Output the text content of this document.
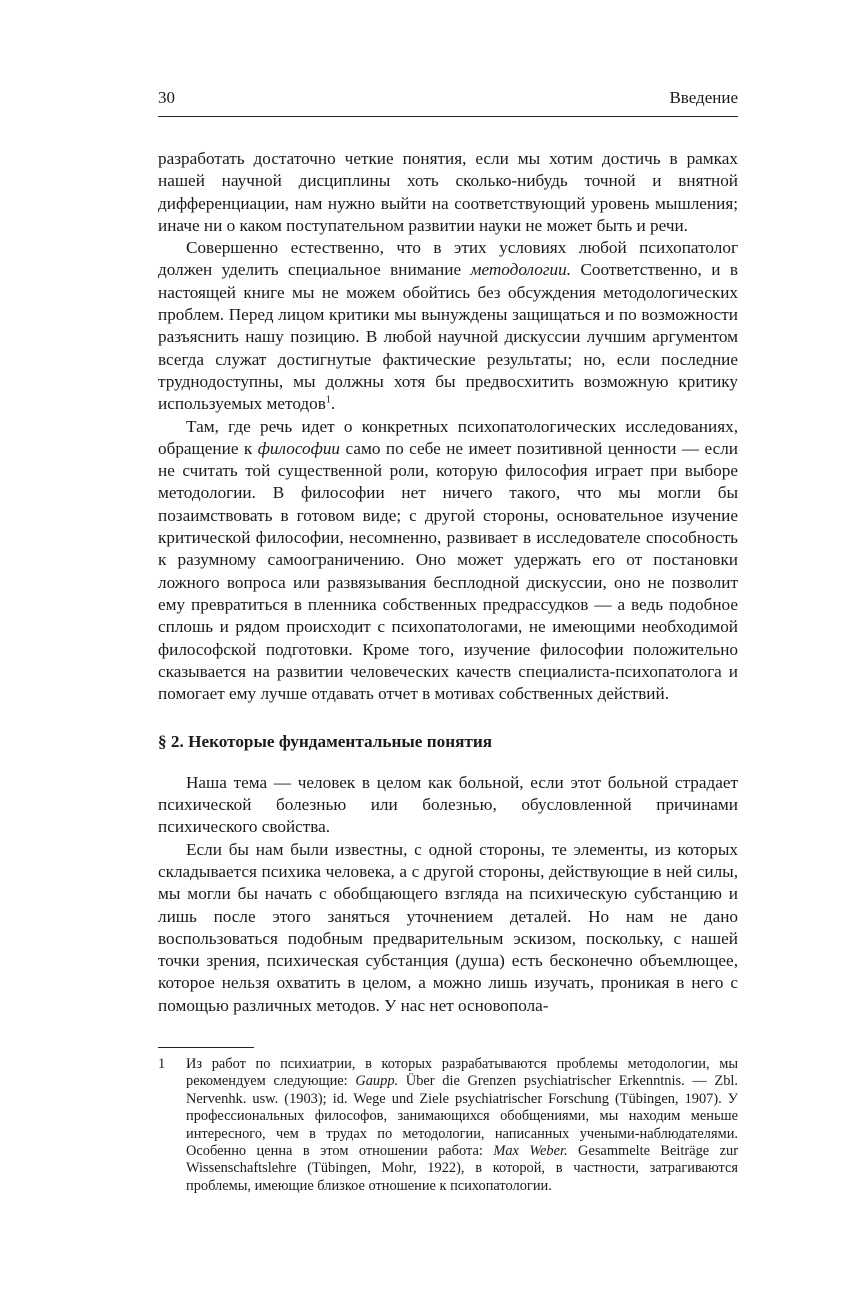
30	Введение

разработать достаточно четкие понятия, если мы хотим достичь в рамках нашей научной дисциплины хоть сколько-нибудь точной и внятной дифференциации, нам нужно выйти на соответствующий уровень мышления; иначе ни о каком поступательном развитии науки не может быть и речи.

Совершенно естественно, что в этих условиях любой психопатолог должен уделить специальное внимание методологии. Соответственно, и в настоящей книге мы не можем обойтись без обсуждения методологических проблем. Перед лицом критики мы вынуждены защищаться и по возможности разъяснить нашу позицию. В любой научной дискуссии лучшим аргументом всегда служат достигнутые фактические результаты; но, если последние труднодоступны, мы должны хотя бы предвосхитить возможную критику используемых методов$^1$.

Там, где речь идет о конкретных психопатологических исследованиях, обращение к философии само по себе не имеет позитивной ценности — если не считать той существенной роли, которую философия играет при выборе методологии. В философии нет ничего такого, что мы могли бы позаимствовать в готовом виде; с другой стороны, основательное изучение критической философии, несомненно, развивает в исследователе способность к разумному самоограничению. Оно может удержать его от постановки ложного вопроса или развязывания бесплодной дискуссии, оно не позволит ему превратиться в пленника собственных предрассудков — а ведь подобное сплошь и рядом происходит с психопатологами, не имеющими необходимой философской подготовки. Кроме того, изучение философии положительно сказывается на развитии человеческих качеств специалиста-психопатолога и помогает ему лучше отдавать отчет в мотивах собственных действий.

§ 2. Некоторые фундаментальные понятия

Наша тема — человек в целом как больной, если этот больной страдает психической болезнью или болезнью, обусловленной причинами психического свойства.

Если бы нам были известны, с одной стороны, те элементы, из которых складывается психика человека, а с другой стороны, действующие в ней силы, мы могли бы начать с обобщающего взгляда на психическую субстанцию и лишь после этого заняться уточнением деталей. Но нам не дано воспользоваться подобным предварительным эскизом, поскольку, с нашей точки зрения, психическая субстанция (душа) есть бесконечно объемлющее, которое нельзя охватить в целом, а можно лишь изучать, проникая в него с помощью различных методов. У нас нет основопола-

1	Из работ по психиатрии, в которых разрабатываются проблемы методологии, мы рекомендуем следующие: Gaupp. Über die Grenzen psychiatrischer Erkenntnis. — Zbl. Nervenhk. usw. (1903); id. Wege und Ziele psychiatrischer Forschung (Tübingen, 1907). У профессиональных философов, занимающихся обобщениями, мы находим меньше интересного, чем в трудах по методологии, написанных учеными-наблюдателями. Особенно ценна в этом отношении работа: Max Weber. Gesammelte Beiträge zur Wissenschaftslehre (Tübingen, Mohr, 1922), в которой, в частности, затрагиваются проблемы, имеющие близкое отношение к психопатологии.
